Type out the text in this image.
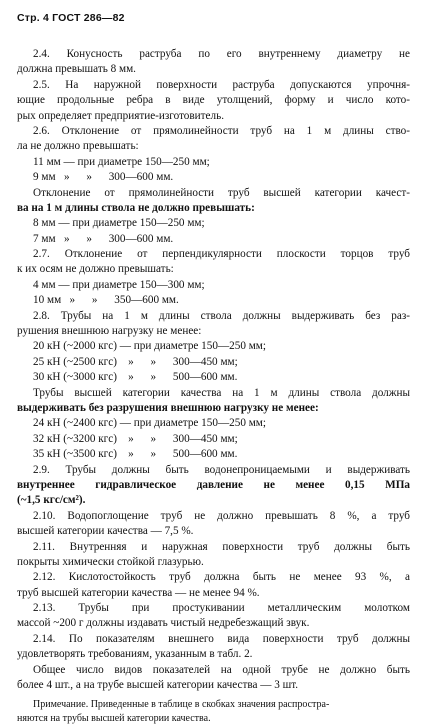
Стр. 4 ГОСТ 286—82
2.4. Конусность раструба по его внутреннему диаметру не
должна превышать 8 мм.
2.5. На наружной поверхности раструба допускаются упрочня-
ющие продольные ребра в виде утолщений, форму и число кото-
рых определяет предприятие-изготовитель.
2.6. Отклонение от прямолинейности труб на 1 м длины ство-
ла не должно превышать:
11 мм — при диаметре 150—250 мм;
9 мм   »      »      300—600 мм.
Отклонение от прямолинейности труб высшей категории качест-
ва на 1 м длины ствола не должно превышать:
8 мм — при диаметре 150—250 мм;
7 мм   »      »      300—600 мм.
2.7. Отклонение от перпендикулярности плоскости торцов труб
к их осям не должно превышать:
4 мм — при диаметре 150—300 мм;
10 мм   »      »      350—600 мм.
2.8. Трубы на 1 м длины ствола должны выдерживать без раз-
рушения внешнюю нагрузку не менее:
20 кН (~2000 кгс) — при диаметре 150—250 мм;
25 кН (~2500 кгс)    »      »      300—450 мм;
30 кН (~3000 кгс)    »      »      500—600 мм.
Трубы высшей категории качества на 1 м длины ствола должны
выдерживать без разрушения внешнюю нагрузку не менее:
24 кН (~2400 кгс) — при диаметре 150—250 мм;
32 кН (~3200 кгс)    »      »      300—450 мм;
35 кН (~3500 кгс)    »      »      500—600 мм.
2.9. Трубы должны быть водонепроницаемыми и выдерживать
внутреннее гидравлическое давление не менее 0,15 МПа
(~1,5 кгс/см²).
2.10. Водопоглощение труб не должно превышать 8 %, а труб
высшей категории качества — 7,5 %.
2.11. Внутренняя и наружная поверхности труб должны быть
покрыты химически стойкой глазурью.
2.12. Кислотостойкость труб должна быть не менее 93 %, а
труб высшей категории качества — не менее 94 %.
2.13. Трубы при простукивании металлическим молотком
массой ~200 г должны издавать чистый недребезжащий звук.
2.14. По показателям внешнего вида поверхности труб должны
удовлетворять требованиям, указанным в табл. 2.
Общее число видов показателей на одной трубе не должно быть
более 4 шт., а на трубе высшей категории качества — 3 шт.
Примечание. Приведенные в таблице в скобках значения распростра-
няются на трубы высшей категории качества.
